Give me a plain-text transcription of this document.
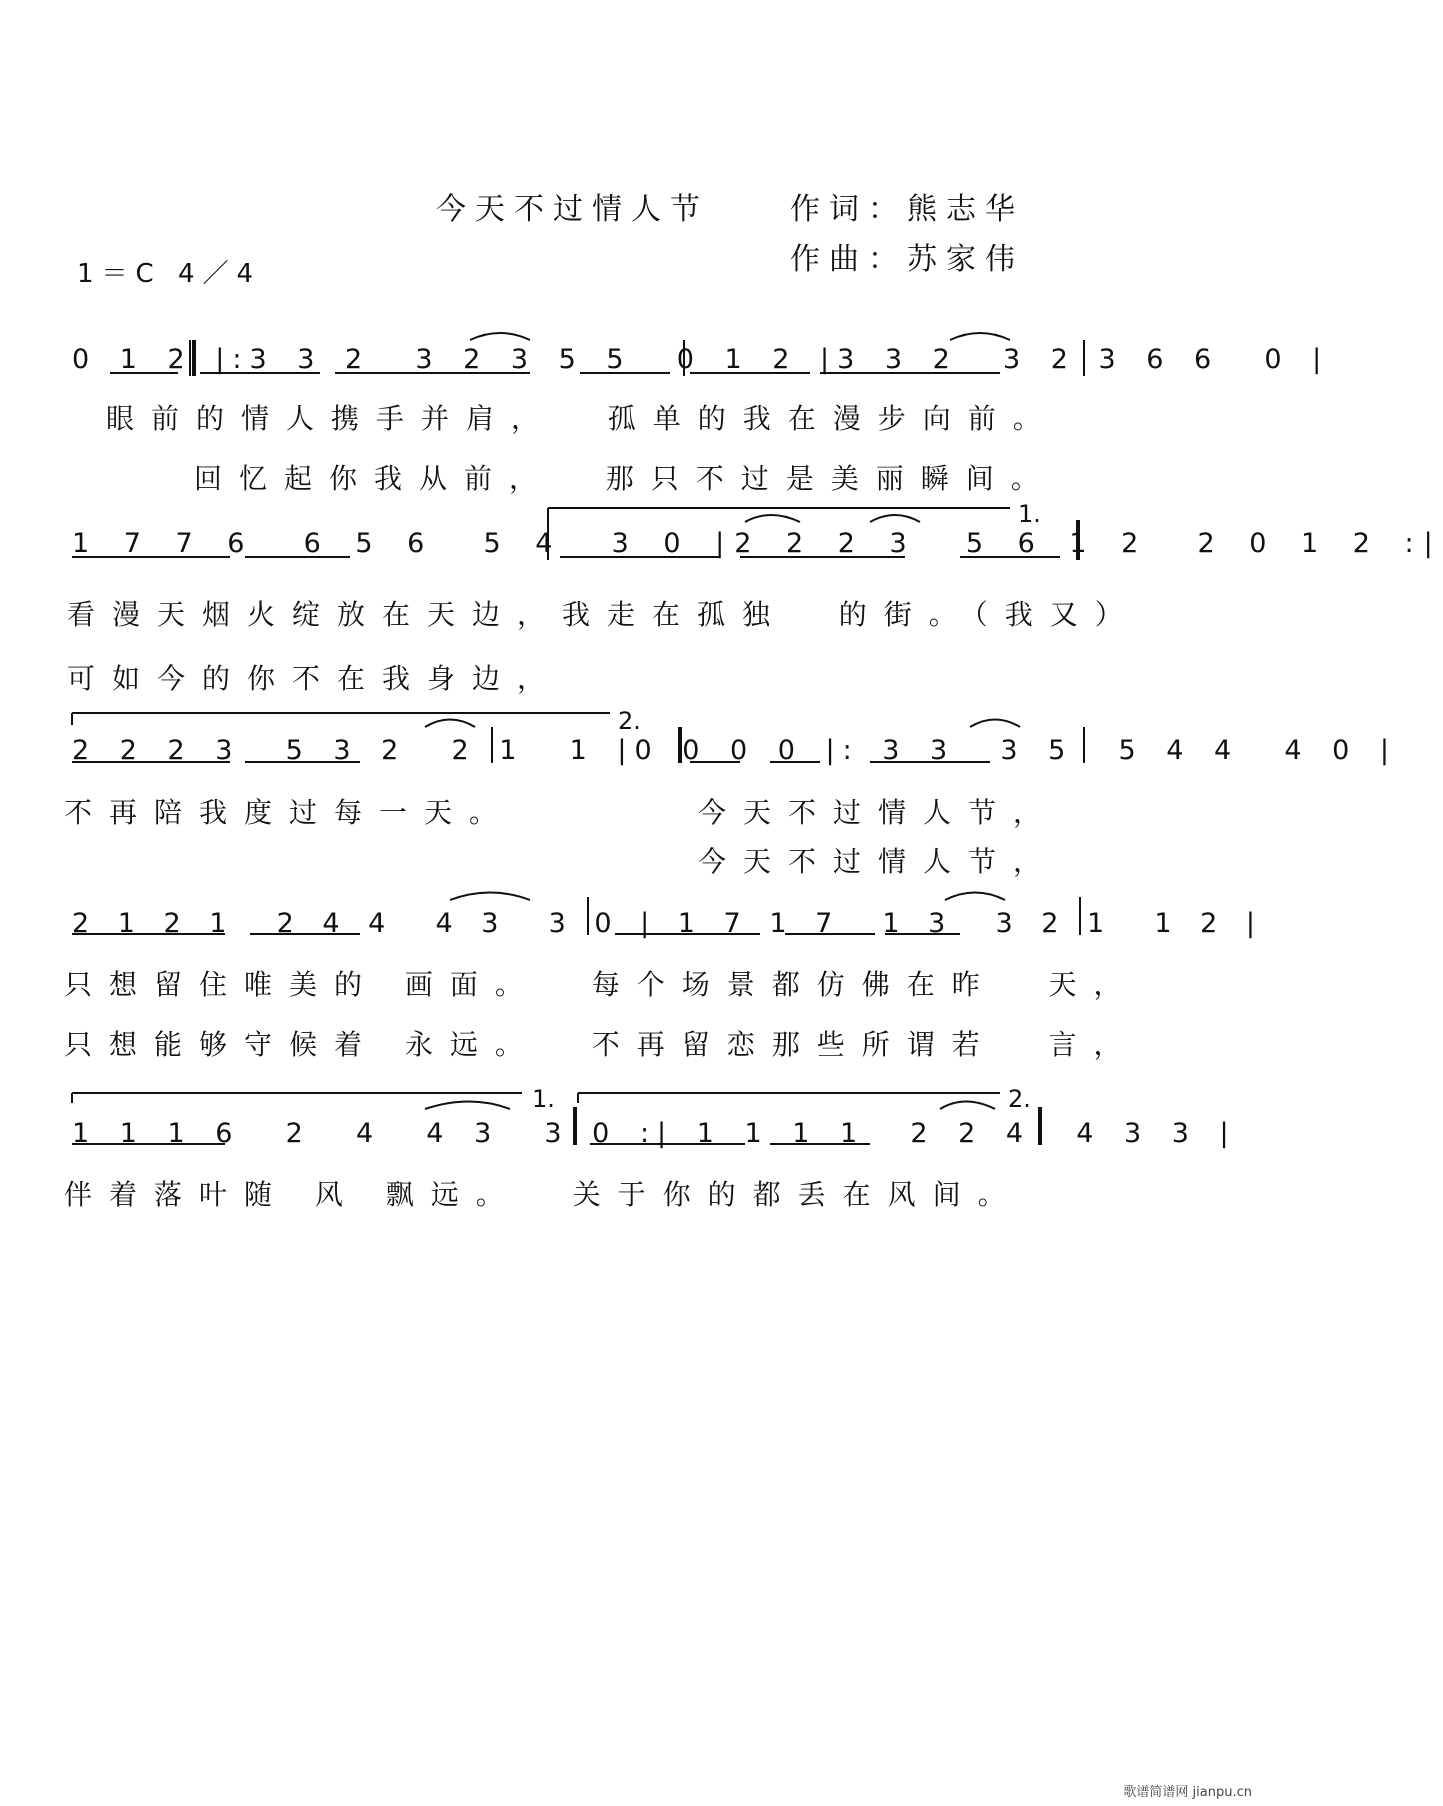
今天不过情人节	作词：熊志华
作曲：苏家伟
1＝C 4／4
0 1 2 |:3 3 2  3 2 3 5 5  0 1 2 |3 3 2  3 2 3 6 6  0 |
眼前的情人携手并肩，  孤单的我在漫步向前。
回忆起你我从前，  那只不过是美丽瞬间。
1 7 7 6  6 5 6  5 4  3 0 |2 2 2 3  5 6 1 2  2 0 1 2 :|
1.
看漫天烟火绽放在天边，我走在孤独  的街。（我又）
可如今的你不在我身边，
2 2 2 3  5 3 2  2 1  1 |0 0 0 0 |: 3 3  3 5  5 4 4  4 0 |
2.
不再陪我度过每一天。	今天不过情人节，
今天不过情人节，
2 1 2 1  2 4 4  4 3  3 0 | 1 7 1 7  1 3  3 2 1  1 2 |
只想留住唯美的 画面。  每个场景都仿佛在昨  天，
只想能够守候着 永远。  不再留恋那些所谓若  言，
1 1 1 6  2  4  4 3  3 0 :| 1 1 1 1  2 2 4  4 3 3 |
1.	2.
伴着落叶随 风 飘远。  关于你的都丢在风间。
歌谱简谱网 jianpu.cn
